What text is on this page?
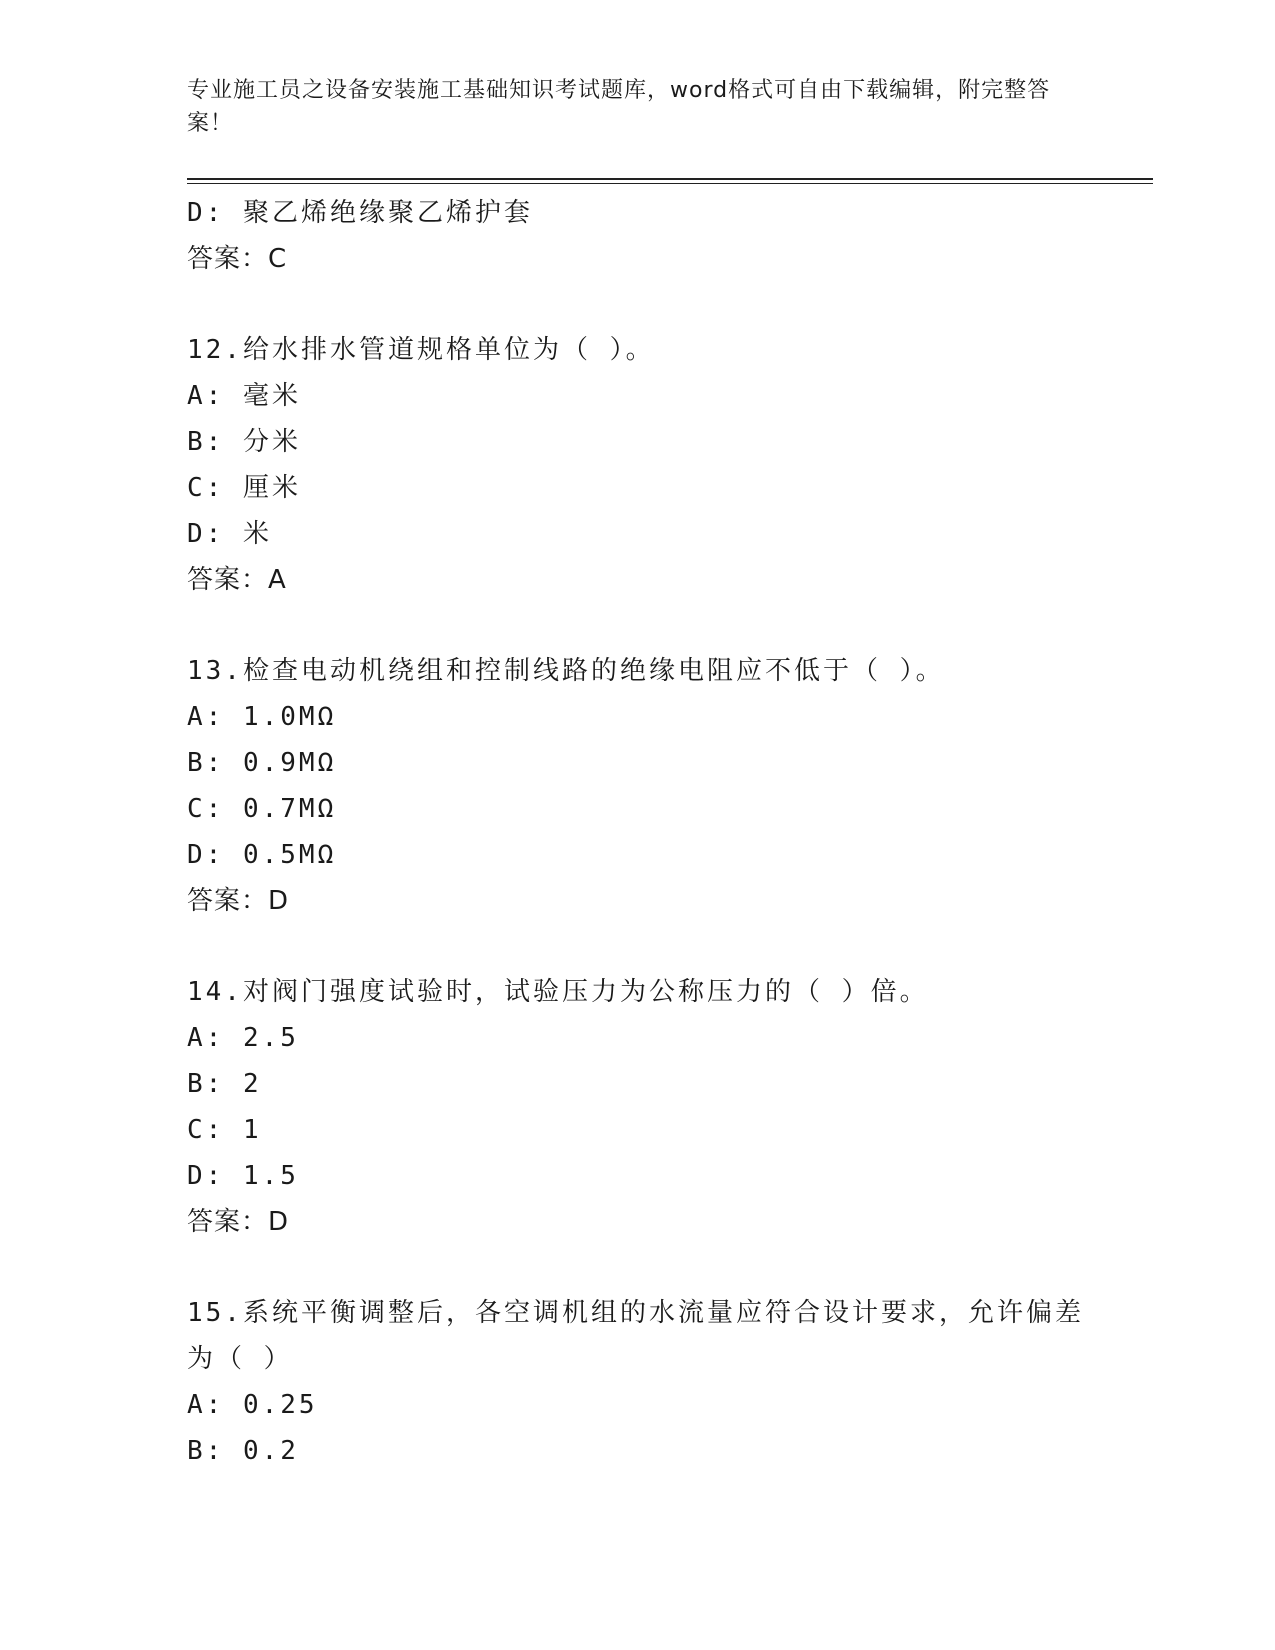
专业施工员之设备安装施工基础知识考试题库，word格式可自由下载编辑，附完整答案！
D: 聚乙烯绝缘聚乙烯护套
答案：C
12.给水排水管道规格单位为（ ）。
A: 毫米
B: 分米
C: 厘米
D: 米
答案：A
13.检查电动机绕组和控制线路的绝缘电阻应不低于（ ）。
A: 1.0MΩ
B: 0.9MΩ
C: 0.7MΩ
D: 0.5MΩ
答案：D
14.对阀门强度试验时，试验压力为公称压力的（ ）倍。
A: 2.5
B: 2
C: 1
D: 1.5
答案：D
15.系统平衡调整后，各空调机组的水流量应符合设计要求，允许偏差
为（ ）
A: 0.25
B: 0.2
